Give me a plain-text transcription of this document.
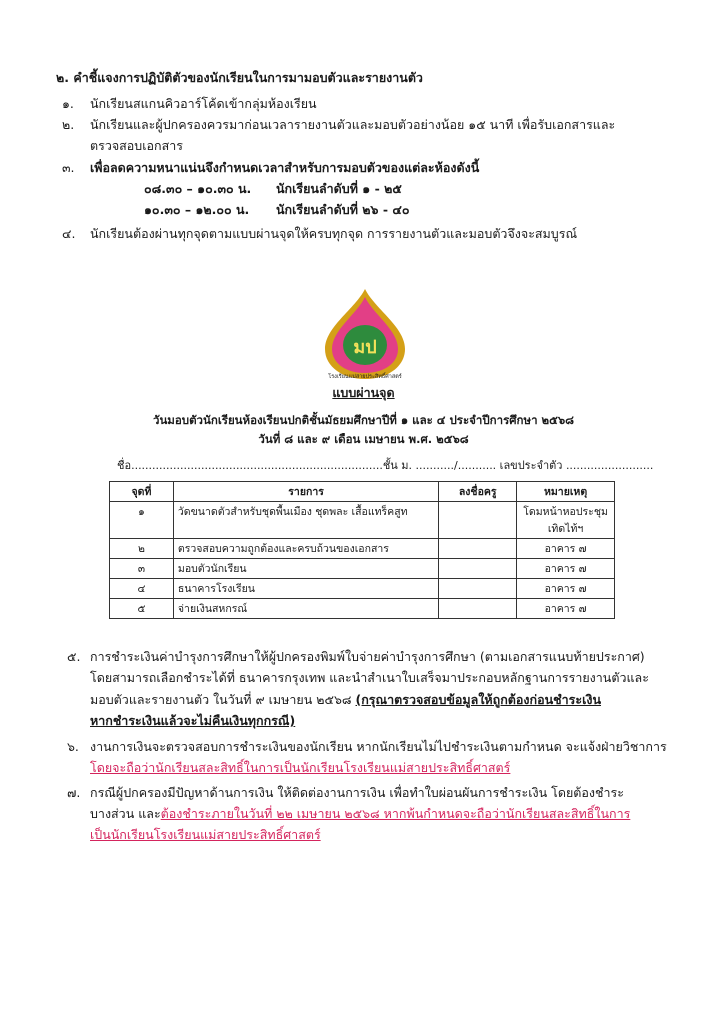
๒. คำชี้แจงการปฏิบัติตัวของนักเรียนในการมามอบตัวและรายงานตัว
๑. นักเรียนสแกนคิวอาร์โค้ดเข้ากลุ่มห้องเรียน
๒. นักเรียนและผู้ปกครองควรมาก่อนเวลารายงานตัวและมอบตัวอย่างน้อย ๑๕ นาที เพื่อรับเอกสารและ
ตรวจสอบเอกสาร
๓. เพื่อลดความหนาแน่นจึงกำหนดเวลาสำหรับการมอบตัวของแต่ละห้องดังนี้
๐๘.๓๐ – ๑๐.๓๐ น. นักเรียนลำดับที่ ๑ - ๒๕
๑๐.๓๐ – ๑๒.๐๐ น. นักเรียนลำดับที่ ๒๖ - ๔๐
๔. นักเรียนต้องผ่านทุกจุดตามแบบผ่านจุดให้ครบทุกจุด การรายงานตัวและมอบตัวจึงจะสมบูรณ์
มป
โรงเรียนแม่สายประสิทธิ์ศาสตร์
แบบผ่านจุด
วันมอบตัวนักเรียนห้องเรียนปกติชั้นมัธยมศึกษาปีที่ ๑ และ ๔ ประจำปีการศึกษา ๒๕๖๘
วันที่ ๘ และ ๙ เดือน เมษายน พ.ศ. ๒๕๖๘
ชื่อ........................................................................ชั้น ม. .........../........... เลขประจำตัว .........................
จุดที่	รายการ	ลงชื่อครู	หมายเหตุ
๑	วัดขนาดตัวสำหรับชุดพื้นเมือง ชุดพละ เสื้อแทร็คสูท		โดมหน้าหอประชุม
เทิดไท้ฯ

๒	ตรวจสอบความถูกต้องและครบถ้วนของเอกสาร		อาคาร ๗
๓	มอบตัวนักเรียน		อาคาร ๗
๔	ธนาคารโรงเรียน		อาคาร ๗
๕	จ่ายเงินสหกรณ์		อาคาร ๗
๕. การชำระเงินค่าบำรุงการศึกษาให้ผู้ปกครองพิมพ์ใบจ่ายค่าบำรุงการศึกษา (ตามเอกสารแนบท้ายประกาศ)
โดยสามารถเลือกชำระได้ที่ ธนาคารกรุงเทพ และนำสำเนาใบเสร็จมาประกอบหลักฐานการรายงานตัวและ
มอบตัวและรายงานตัว ในวันที่ ๙ เมษายน ๒๕๖๘ (กรุณาตรวจสอบข้อมูลให้ถูกต้องก่อนชำระเงิน
หากชำระเงินแล้วจะไม่คืนเงินทุกกรณี)
๖. งานการเงินจะตรวจสอบการชำระเงินของนักเรียน หากนักเรียนไม่ไปชำระเงินตามกำหนด จะแจ้งฝ่ายวิชาการ
โดยจะถือว่านักเรียนสละสิทธิ์ในการเป็นนักเรียนโรงเรียนแม่สายประสิทธิ์ศาสตร์
๗. กรณีผู้ปกครองมีปัญหาด้านการเงิน ให้ติดต่องานการเงิน เพื่อทำใบผ่อนผันการชำระเงิน โดยต้องชำระ
บางส่วน และต้องชำระภายในวันที่ ๒๒ เมษายน ๒๕๖๘ หากพ้นกำหนดจะถือว่านักเรียนสละสิทธิ์ในการ
เป็นนักเรียนโรงเรียนแม่สายประสิทธิ์ศาสตร์
